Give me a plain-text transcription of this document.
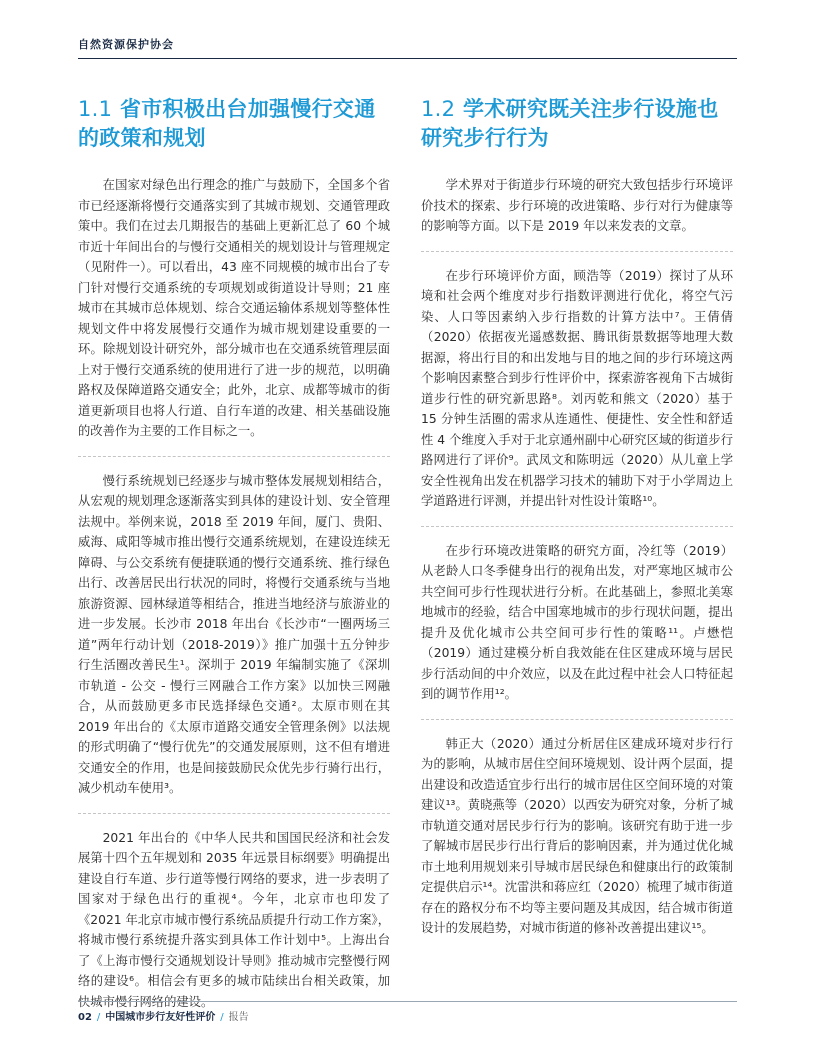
自然资源保护协会
1.1 省市积极出台加强慢行交通的政策和规划

在国家对绿色出行理念的推广与鼓励下，全国多个省市已经逐渐将慢行交通落实到了其城市规划、交通管理政策中。我们在过去几期报告的基础上更新汇总了 60 个城市近十年间出台的与慢行交通相关的规划设计与管理规定（见附件一）。可以看出，43 座不同规模的城市出台了专门针对慢行交通系统的专项规划或街道设计导则；21 座城市在其城市总体规划、综合交通运输体系规划等整体性规划文件中将发展慢行交通作为城市规划建设重要的一环。除规划设计研究外，部分城市也在交通系统管理层面上对于慢行交通系统的使用进行了进一步的规范，以明确路权及保障道路交通安全；此外，北京、成都等城市的街道更新项目也将人行道、自行车道的改建、相关基础设施的改善作为主要的工作目标之一。

慢行系统规划已经逐步与城市整体发展规划相结合，从宏观的规划理念逐渐落实到具体的建设计划、安全管理法规中。举例来说，2018 至 2019 年间，厦门、贵阳、威海、咸阳等城市推出慢行交通系统规划，在建设连续无障碍、与公交系统有便捷联通的慢行交通系统、推行绿色出行、改善居民出行状况的同时，将慢行交通系统与当地旅游资源、园林绿道等相结合，推进当地经济与旅游业的进一步发展。长沙市 2018 年出台《长沙市“一圈两场三道”两年行动计划（2018-2019）》推广加强十五分钟步行生活圈改善民生¹。深圳于 2019 年编制实施了《深圳市轨道 - 公交 - 慢行三网融合工作方案》以加快三网融合，从而鼓励更多市民选择绿色交通²。太原市则在其 2019 年出台的《太原市道路交通安全管理条例》以法规的形式明确了“慢行优先”的交通发展原则，这不但有增进交通安全的作用，也是间接鼓励民众优先步行骑行出行，减少机动车使用³。

2021 年出台的《中华人民共和国国民经济和社会发展第十四个五年规划和 2035 年远景目标纲要》明确提出建设自行车道、步行道等慢行网络的要求，进一步表明了国家对于绿色出行的重视⁴。今年，北京市也印发了《2021 年北京市城市慢行系统品质提升行动工作方案》，将城市慢行系统提升落实到具体工作计划中⁵。上海出台了《上海市慢行交通规划设计导则》推动城市完整慢行网络的建设⁶。相信会有更多的城市陆续出台相关政策，加快城市慢行网络的建设。

1.2 学术研究既关注步行设施也研究步行行为

学术界对于街道步行环境的研究大致包括步行环境评价技术的探索、步行环境的改进策略、步行对行为健康等的影响等方面。以下是 2019 年以来发表的文章。

在步行环境评价方面，顾浩等（2019）探讨了从环境和社会两个维度对步行指数评测进行优化，将空气污染、人口等因素纳入步行指数的计算方法中⁷。王倩倩（2020）依据夜光遥感数据、腾讯街景数据等地理大数据源，将出行目的和出发地与目的地之间的步行环境这两个影响因素整合到步行性评价中，探索游客视角下古城街道步行性的研究新思路⁸。刘丙乾和熊文（2020）基于 15 分钟生活圈的需求从连通性、便捷性、安全性和舒适性 4 个维度入手对于北京通州副中心研究区域的街道步行路网进行了评价⁹。武凤文和陈明远（2020）从儿童上学安全性视角出发在机器学习技术的辅助下对于小学周边上学道路进行评测，并提出针对性设计策略¹⁰。

在步行环境改进策略的研究方面，冷红等（2019）从老龄人口冬季健身出行的视角出发，对严寒地区城市公共空间可步行性现状进行分析。在此基础上，参照北美寒地城市的经验，结合中国寒地城市的步行现状问题，提出提升及优化城市公共空间可步行性的策略¹¹。卢懋恺（2019）通过建模分析自我效能在住区建成环境与居民步行活动间的中介效应，以及在此过程中社会人口特征起到的调节作用¹²。

韩正大（2020）通过分析居住区建成环境对步行行为的影响，从城市居住空间环境规划、设计两个层面，提出建设和改造适宜步行出行的城市居住区空间环境的对策建议¹³。黄晓燕等（2020）以西安为研究对象，分析了城市轨道交通对居民步行行为的影响。该研究有助于进一步了解城市居民步行出行背后的影响因素，并为通过优化城市土地利用规划来引导城市居民绿色和健康出行的政策制定提供启示¹⁴。沈雷洪和蒋应红（2020）梳理了城市街道存在的路权分布不均等主要问题及其成因，结合城市街道设计的发展趋势，对城市街道的修补改善提出建议¹⁵。

02 / 中国城市步行友好性评价 / 报告
